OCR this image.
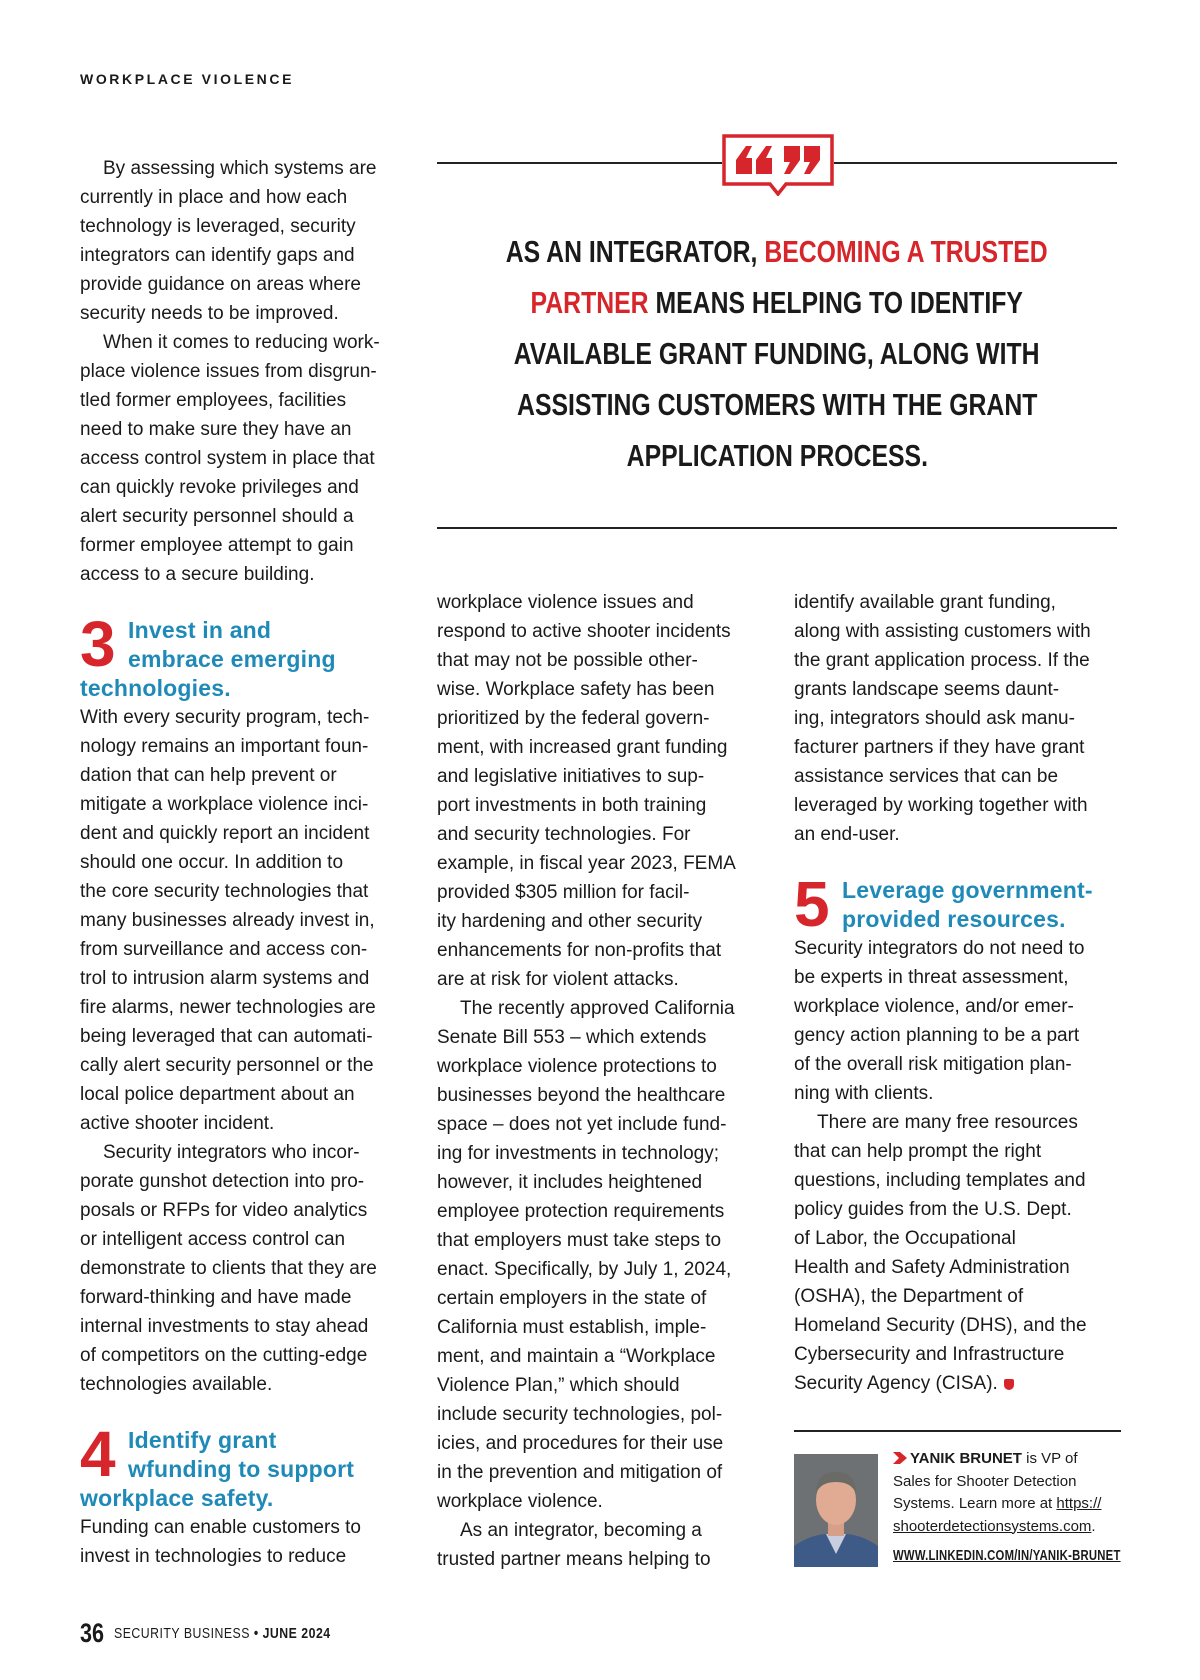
WORKPLACE VIOLENCE
AS AN INTEGRATOR, BECOMING A TRUSTED
PARTNER MEANS HELPING TO IDENTIFY
AVAILABLE GRANT FUNDING, ALONG WITH
ASSISTING CUSTOMERS WITH THE GRANT
APPLICATION PROCESS.
By assessing which systems are
currently in place and how each
technology is leveraged, security
integrators can identify gaps and
provide guidance on areas where
security needs to be improved.
When it comes to reducing work-
place violence issues from disgrun-
tled former employees, facilities
need to make sure they have an
access control system in place that
can quickly revoke privileges and
alert security personnel should a
former employee attempt to gain
access to a secure building.
3 Invest in and
embrace emerging
technologies.
With every security program, tech-
nology remains an important foun-
dation that can help prevent or
mitigate a workplace violence inci-
dent and quickly report an incident
should one occur. In addition to
the core security technologies that
many businesses already invest in,
from surveillance and access con-
trol to intrusion alarm systems and
fire alarms, newer technologies are
being leveraged that can automati-
cally alert security personnel or the
local police department about an
active shooter incident.
Security integrators who incor-
porate gunshot detection into pro-
posals or RFPs for video analytics
or intelligent access control can
demonstrate to clients that they are
forward-thinking and have made
internal investments to stay ahead
of competitors on the cutting-edge
technologies available.
4 Identify grant
wfunding to support
workplace safety.
Funding can enable customers to
invest in technologies to reduce
workplace violence issues and
respond to active shooter incidents
that may not be possible other-
wise. Workplace safety has been
prioritized by the federal govern-
ment, with increased grant funding
and legislative initiatives to sup-
port investments in both training
and security technologies. For
example, in fiscal year 2023, FEMA
provided $305 million for facil-
ity hardening and other security
enhancements for non-profits that
are at risk for violent attacks.
The recently approved California
Senate Bill 553 – which extends
workplace violence protections to
businesses beyond the healthcare
space – does not yet include fund-
ing for investments in technology;
however, it includes heightened
employee protection requirements
that employers must take steps to
enact. Specifically, by July 1, 2024,
certain employers in the state of
California must establish, imple-
ment, and maintain a “Workplace
Violence Plan,” which should
include security technologies, pol-
icies, and procedures for their use
in the prevention and mitigation of
workplace violence.
As an integrator, becoming a
trusted partner means helping to
identify available grant funding,
along with assisting customers with
the grant application process. If the
grants landscape seems daunt-
ing, integrators should ask manu-
facturer partners if they have grant
assistance services that can be
leveraged by working together with
an end-user.
5 Leverage government-
provided resources.
Security integrators do not need to
be experts in threat assessment,
workplace violence, and/or emer-
gency action planning to be a part
of the overall risk mitigation plan-
ning with clients.
There are many free resources
that can help prompt the right
questions, including templates and
policy guides from the U.S. Dept.
of Labor, the Occupational
Health and Safety Administration
(OSHA), the Department of
Homeland Security (DHS), and the
Cybersecurity and Infrastructure
Security Agency (CISA).
YANIK BRUNET is VP of
Sales for Shooter Detection
Systems. Learn more at https://
shooterdetectionsystems.com.
WWW.LINKEDIN.COM/IN/YANIK-BRUNET
36 SECURITY BUSINESS • JUNE 2024
